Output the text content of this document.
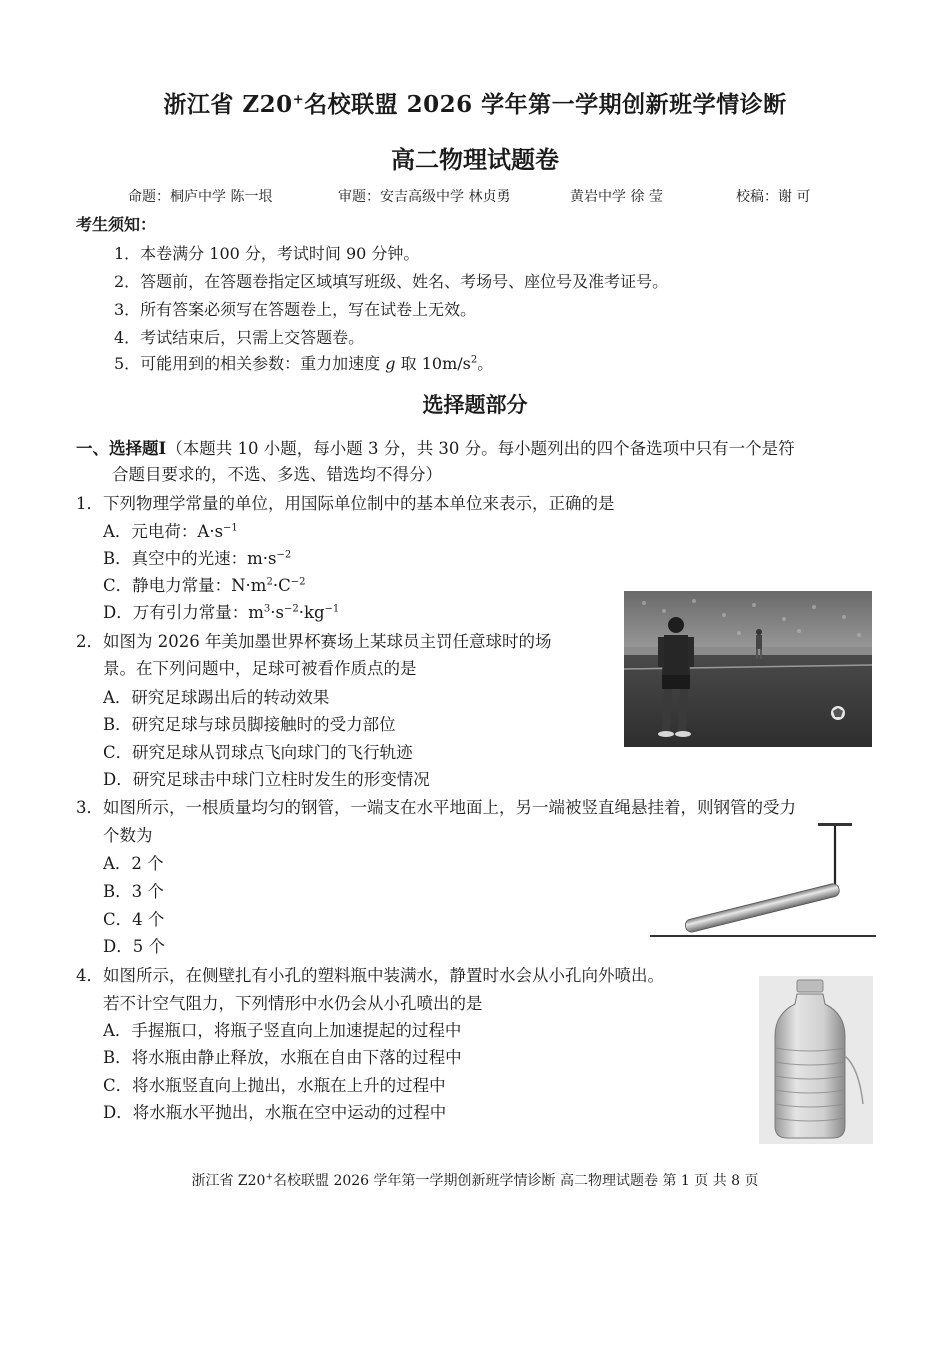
浙江省 Z20+名校联盟 2026 学年第一学期创新班学情诊断
高二物理试题卷
命题：桐庐中学 陈一垠	审题：安吉高级中学 林贞勇	黄岩中学 徐 莹	校稿：谢 可
考生须知：
1．本卷满分 100 分，考试时间 90 分钟。
2．答题前，在答题卷指定区域填写班级、姓名、考场号、座位号及准考证号。
3．所有答案必须写在答题卷上，写在试卷上无效。
4．考试结束后，只需上交答题卷。
5．可能用到的相关参数：重力加速度 g 取 $10m/s^2$。
选择题部分
一、选择题Ⅰ（本题共 10 小题，每小题 3 分，共 30 分。每小题列出的四个备选项中只有一个是符
合题目要求的，不选、多选、错选均不得分）
1．下列物理学常量的单位，用国际单位制中的基本单位来表示，正确的是
A．元电荷：$A\cdot s^{-1}$
B．真空中的光速：$m\cdot s^{-2}$
C．静电力常量：$N\cdot m^2\cdot C^{-2}$
D．万有引力常量：$m^3\cdot s^{-2}\cdot kg^{-1}$
2．如图为 2026 年美加墨世界杯赛场上某球员主罚任意球时的场
景。在下列问题中，足球可被看作质点的是
A．研究足球踢出后的转动效果
B．研究足球与球员脚接触时的受力部位
C．研究足球从罚球点飞向球门的飞行轨迹
D．研究足球击中球门立柱时发生的形变情况
3．如图所示，一根质量均匀的钢管，一端支在水平地面上，另一端被竖直绳悬挂着，则钢管的受力
个数为
A．2 个
B．3 个
C．4 个
D．5 个
4．如图所示，在侧壁扎有小孔的塑料瓶中装满水，静置时水会从小孔向外喷出。
若不计空气阻力，下列情形中水仍会从小孔喷出的是
A．手握瓶口，将瓶子竖直向上加速提起的过程中
B．将水瓶由静止释放，水瓶在自由下落的过程中
C．将水瓶竖直向上抛出，水瓶在上升的过程中
D．将水瓶水平抛出，水瓶在空中运动的过程中
浙江省 Z20+名校联盟 2026 学年第一学期创新班学情诊断 高二物理试题卷 第 1 页 共 8 页
